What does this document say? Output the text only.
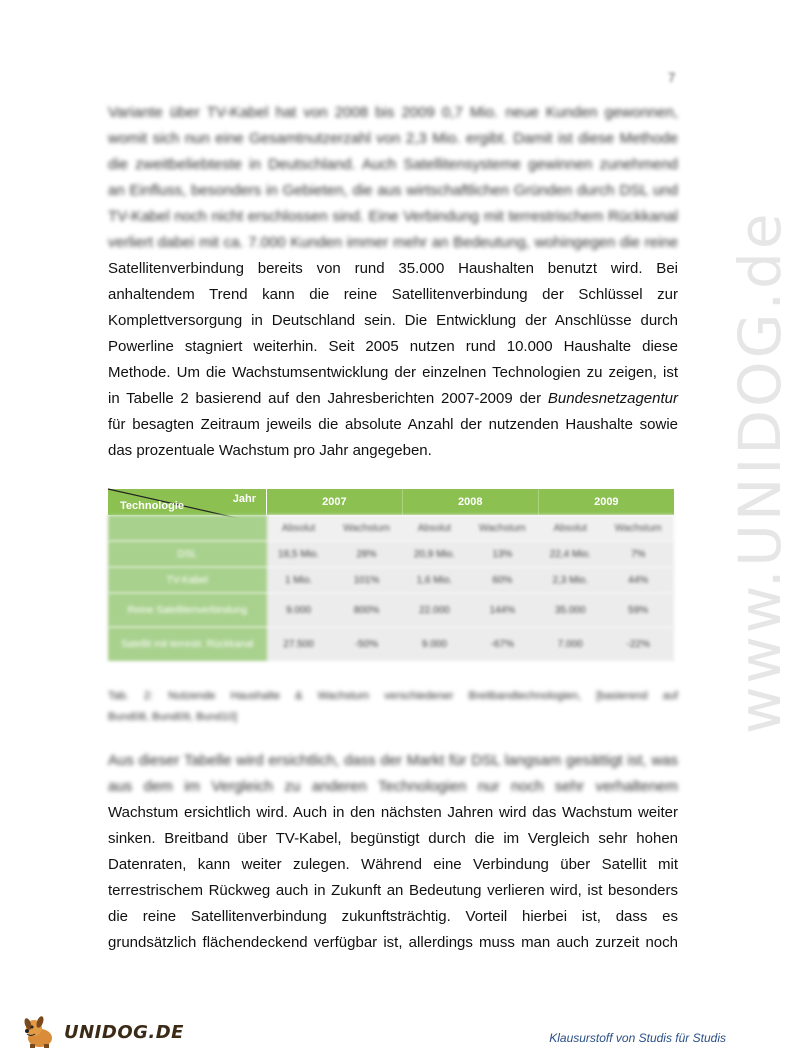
7
www.UNIDOG.de
Variante über TV-Kabel hat von 2008 bis 2009 0,7 Mio. neue Kunden gewonnen,
womit sich nun eine Gesamtnutzerzahl von 2,3 Mio. ergibt. Damit ist diese Methode
die zweitbeliebteste in Deutschland. Auch Satellitensysteme gewinnen zunehmend
an Einfluss, besonders in Gebieten, die aus wirtschaftlichen Gründen durch DSL und
TV-Kabel noch nicht erschlossen sind. Eine Verbindung mit terrestrischem Rückkanal
verliert dabei mit ca. 7.000 Kunden immer mehr an Bedeutung, wohingegen die reine
Satellitenverbindung bereits von rund 35.000 Haushalten benutzt wird. Bei
anhaltendem Trend kann die reine Satellitenverbindung der Schlüssel zur
Komplettversorgung in Deutschland sein. Die Entwicklung der Anschlüsse durch
Powerline stagniert weiterhin. Seit 2005 nutzen rund 10.000 Haushalte diese
Methode. Um die Wachstumsentwicklung der einzelnen Technologien zu zeigen, ist
in Tabelle 2 basierend auf den Jahresberichten 2007-2009 der Bundesnetzagentur
für besagten Zeitraum jeweils die absolute Anzahl der nutzenden Haushalte sowie
das prozentuale Wachstum pro Jahr angegeben.
Jahr
Technologie	2007		2008		2009	
	Absolut	Wachstum	Absolut	Wachstum	Absolut	Wachstum
DSL	18,5 Mio.	28%	20,9 Mio.	13%	22,4 Mio.	7%
TV-Kabel	1 Mio.	101%	1,6 Mio.	60%	2,3 Mio.	44%
Reine Satellitenverbindung	9.000	800%	22.000	144%	35.000	59%
Satellit mit terrestr. Rückkanal	27.500	-50%	9.000	-67%	7.000	-22%
Tab. 2: Nutzende Haushalte & Wachstum verschiedener Breitbandtechnologien, [basierend auf
Bund08, Bund09, Bund10]
Aus dieser Tabelle wird ersichtlich, dass der Markt für DSL langsam gesättigt ist, was
aus dem im Vergleich zu anderen Technologien nur noch sehr verhaltenem
Wachstum ersichtlich wird. Auch in den nächsten Jahren wird das Wachstum weiter
sinken. Breitband über TV-Kabel, begünstigt durch die im Vergleich sehr hohen
Datenraten, kann weiter zulegen. Während eine Verbindung über Satellit mit
terrestrischem Rückweg auch in Zukunft an Bedeutung verlieren wird, ist besonders
die reine Satellitenverbindung zukunftsträchtig. Vorteil hierbei ist, dass es
grundsätzlich flächendeckend verfügbar ist, allerdings muss man auch zurzeit noch
UNIDOG.DE	Klausurstoff von Studis für Studis
